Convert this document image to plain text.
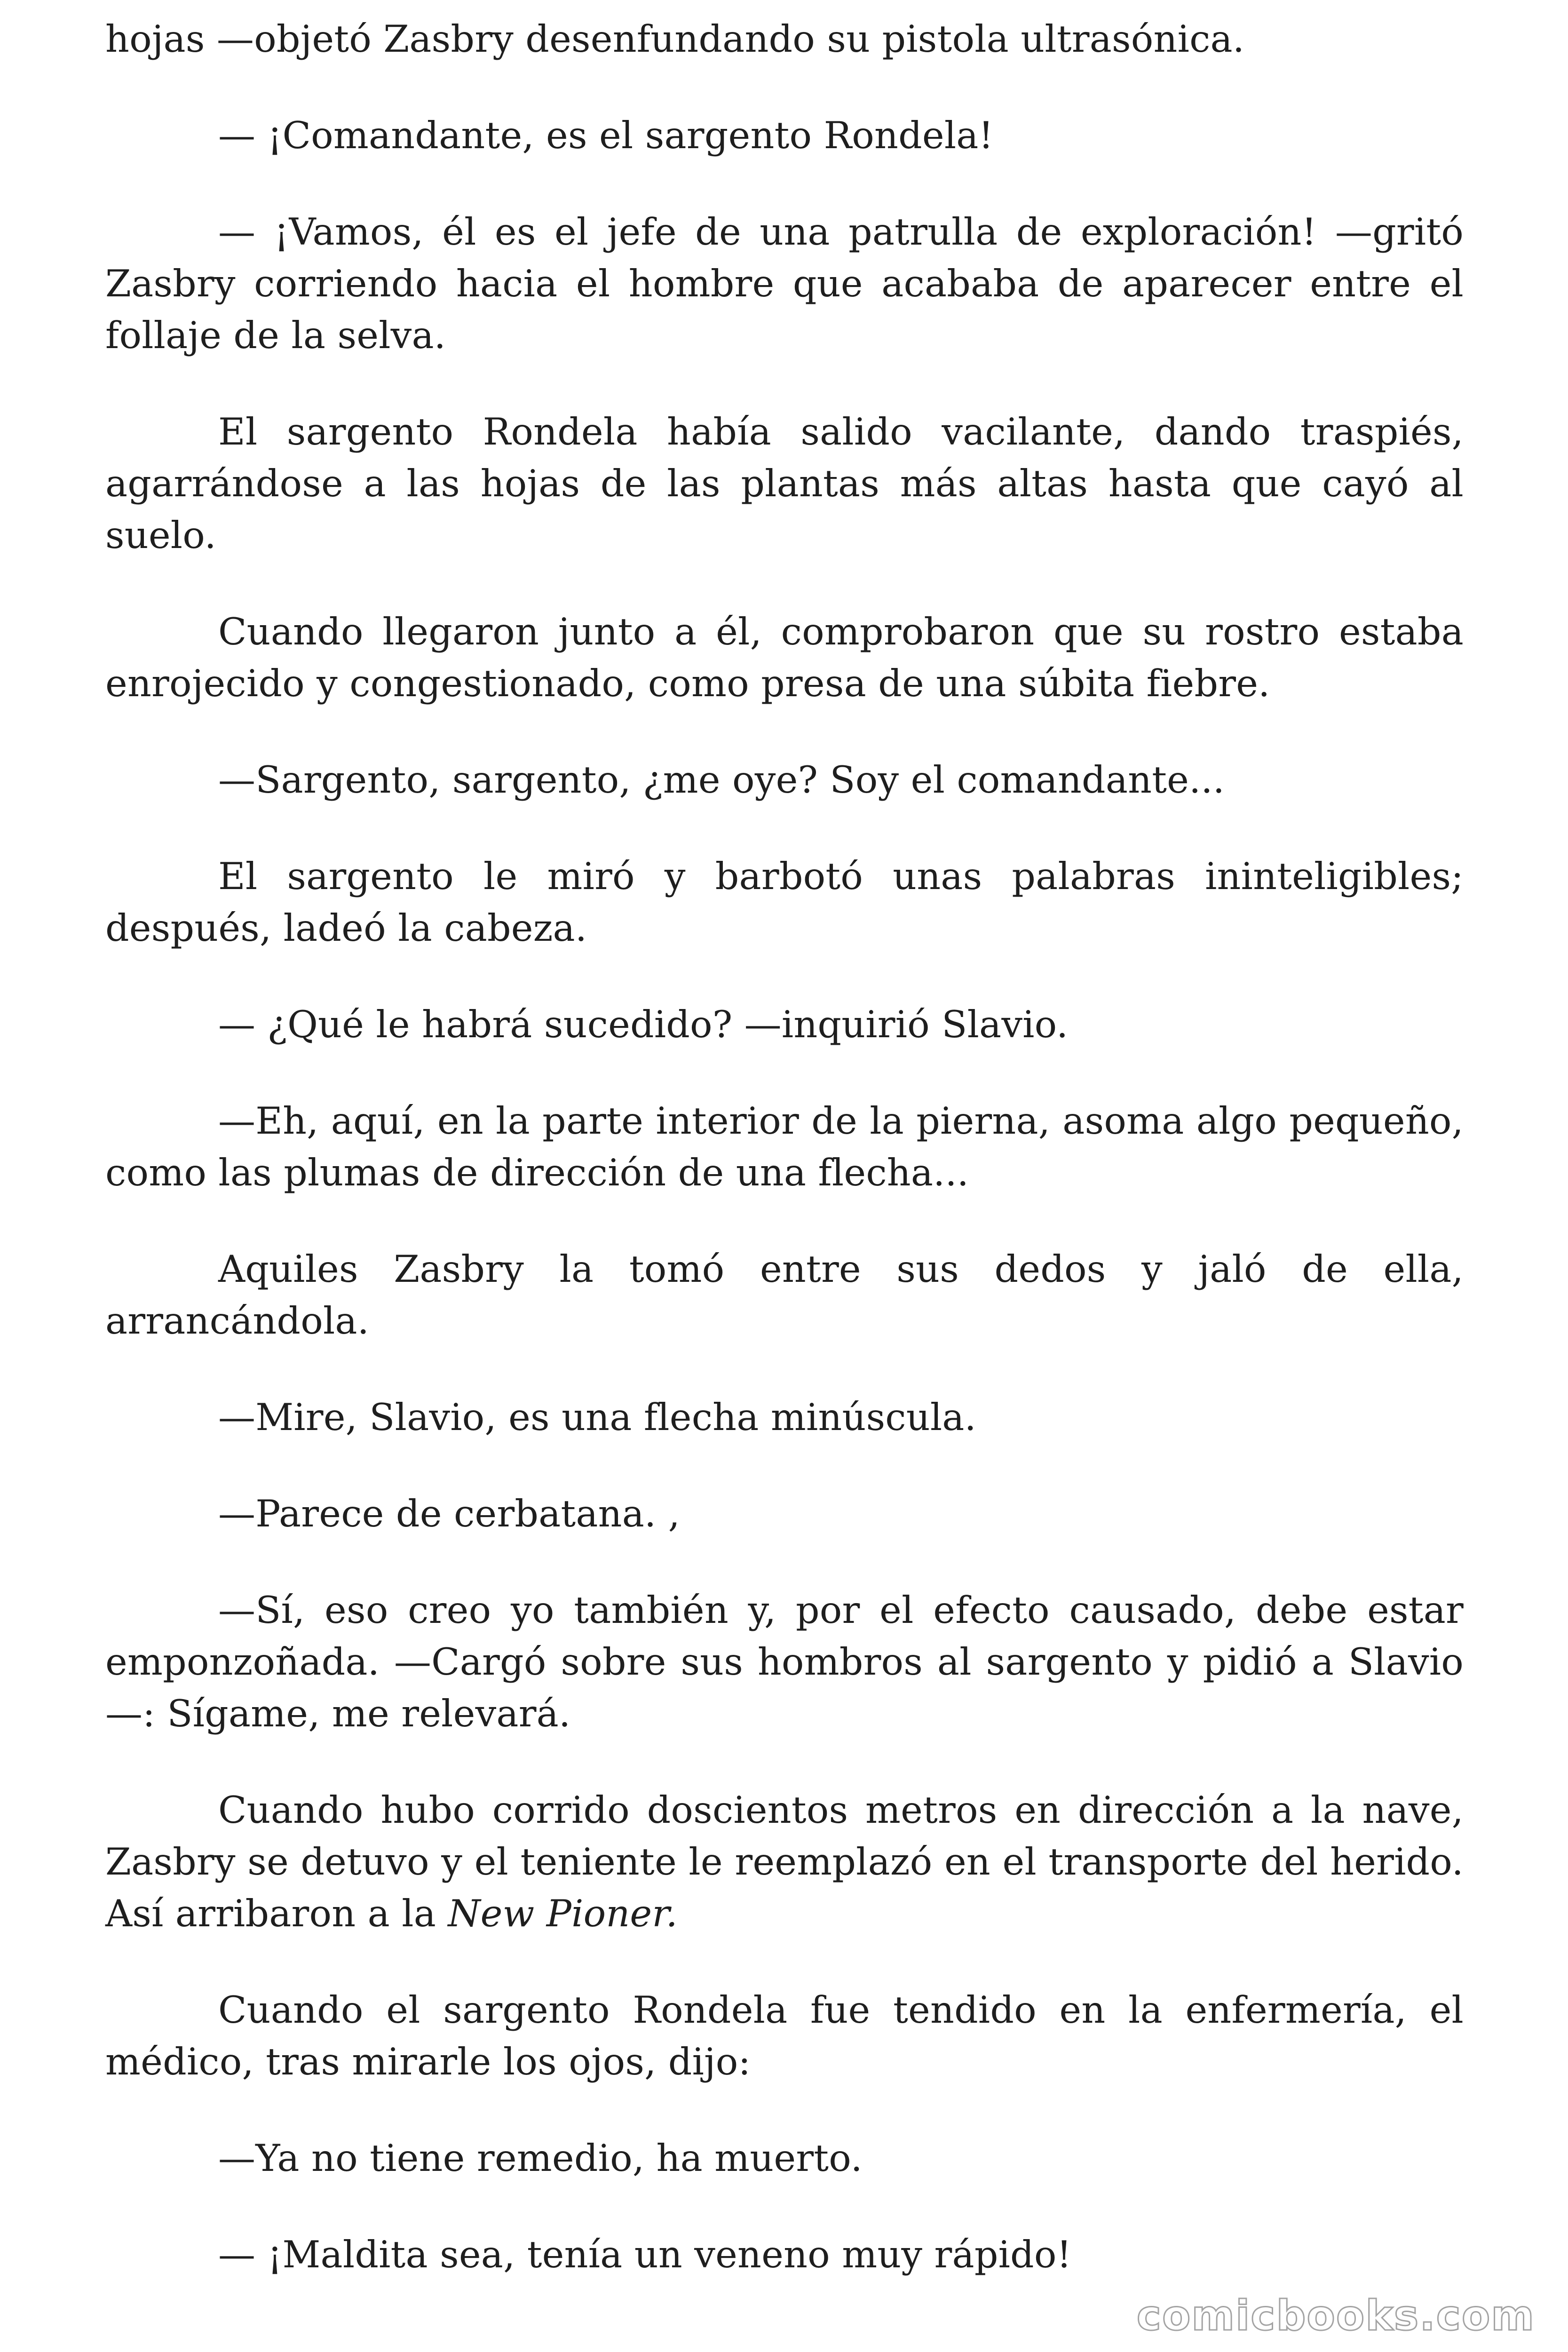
hojas —objetó Zasbry desenfundando su pistola ultrasónica.

— ¡Comandante, es el sargento Rondela!

— ¡Vamos, él es el jefe de una patrulla de exploración! —gritó Zasbry corriendo hacia el hombre que acababa de aparecer entre el follaje de la selva.

El sargento Rondela había salido vacilante, dando traspiés, agarrándose a las hojas de las plantas más altas hasta que cayó al suelo.

Cuando llegaron junto a él, comprobaron que su rostro estaba enrojecido y congestionado, como presa de una súbita fiebre.

—Sargento, sargento, ¿me oye? Soy el comandante...

El sargento le miró y barbotó unas palabras ininteligibles; después, ladeó la cabeza.

— ¿Qué le habrá sucedido? —inquirió Slavio.

—Eh, aquí, en la parte interior de la pierna, asoma algo pequeño, como las plumas de dirección de una flecha...

Aquiles Zasbry la tomó entre sus dedos y jaló de ella, arrancándola.

—Mire, Slavio, es una flecha minúscula.

—Parece de cerbatana. ,

—Sí, eso creo yo también y, por el efecto causado, debe estar emponzoñada. —Cargó sobre sus hombros al sargento y pidió a Slavio —: Sígame, me relevará.

Cuando hubo corrido doscientos metros en dirección a la nave, Zasbry se detuvo y el teniente le reemplazó en el transporte del herido. Así arribaron a la New Pioner.

Cuando el sargento Rondela fue tendido en la enfermería, el médico, tras mirarle los ojos, dijo:

—Ya no tiene remedio, ha muerto.

— ¡Maldita sea, tenía un veneno muy rápido!

comicbooks.com
